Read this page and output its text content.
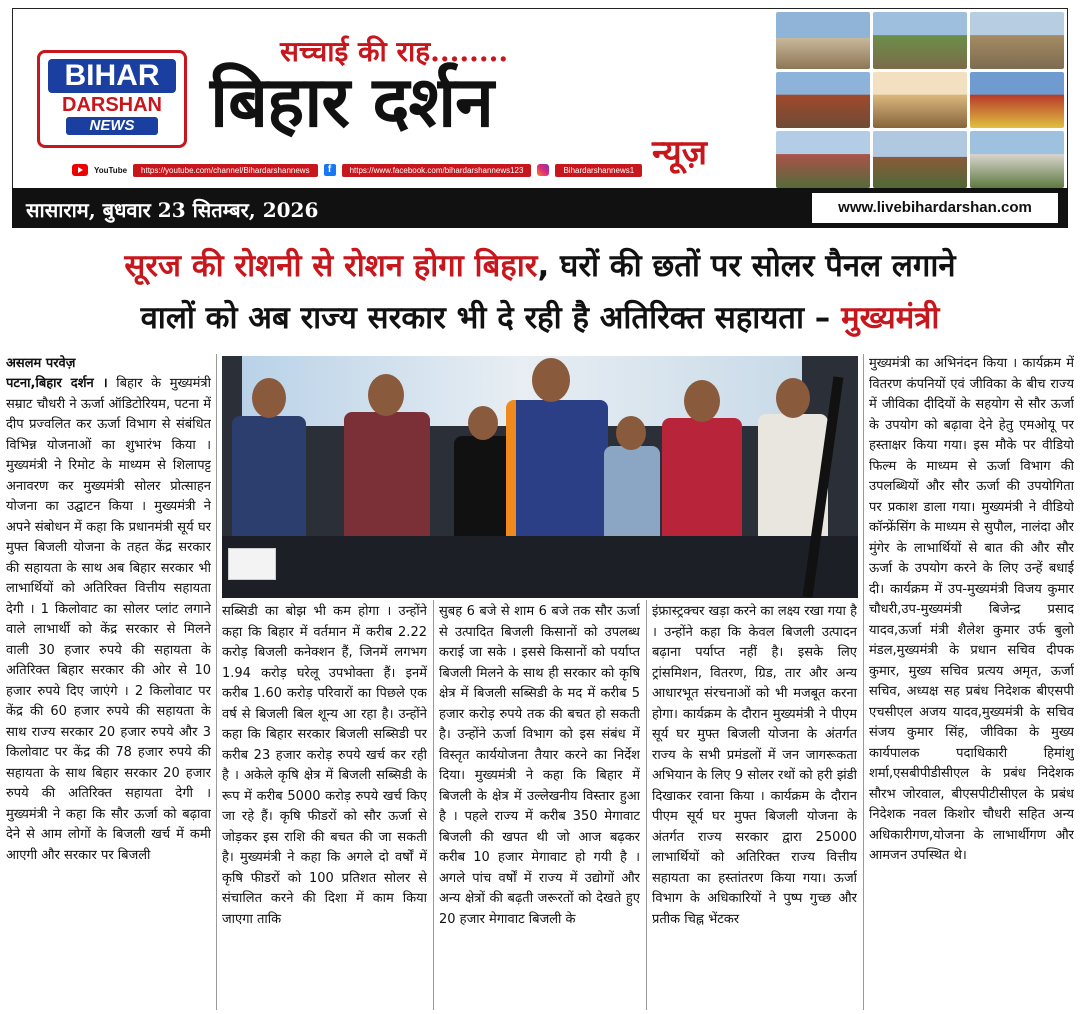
BIHAR
DARSHAN
NEWS
सच्चाई की राह........
बिहार दर्शन
न्यूज़
YouTube	https://youtube.com/channel/Bihardarshannews	f	https://www.facebook.com/bihardarshannews123	Bihardarshannews1
सासाराम, बुधवार 23 सितम्बर, 2026	www.livebihardarshan.com
सूरज की रोशनी से रोशन होगा बिहार, घरों की छतों पर सोलर पैनल लगाने
वालों को अब राज्य सरकार भी दे रही है अतिरिक्त सहायता – मुख्यमंत्री
असलम परवेज़

पटना,बिहार दर्शन । बिहार के मुख्यमंत्री सम्राट चौधरी ने ऊर्जा ऑडिटोरियम, पटना में दीप प्रज्वलित कर ऊर्जा विभाग से संबंधित विभिन्न योजनाओं का शुभारंभ किया । मुख्यमंत्री ने रिमोट के माध्यम से शिलापट्ट अनावरण कर मुख्यमंत्री सोलर प्रोत्साहन योजना का उद्घाटन किया । मुख्यमंत्री ने अपने संबोधन में कहा कि प्रधानमंत्री सूर्य घर मुफ्त बिजली योजना के तहत केंद्र सरकार की सहायता के साथ अब बिहार सरकार भी लाभार्थियों को अतिरिक्त वित्तीय सहायता देगी । 1 किलोवाट का सोलर प्लांट लगाने वाले लाभार्थी को केंद्र सरकार से मिलने वाली 30 हजार रुपये की सहायता के अतिरिक्त बिहार सरकार की ओर से 10 हजार रुपये दिए जाएंगे । 2 किलोवाट पर केंद्र की 60 हजार रुपये की सहायता के साथ राज्य सरकार 20 हजार रुपये और 3 किलोवाट पर केंद्र की 78 हजार रुपये की सहायता के साथ बिहार सरकार 20 हजार रुपये की अतिरिक्त सहायता देगी । मुख्यमंत्री ने कहा कि सौर ऊर्जा को बढ़ावा देने से आम लोगों के बिजली खर्च में कमी आएगी और सरकार पर बिजली

सब्सिडी का बोझ भी कम होगा । उन्होंने कहा कि बिहार में वर्तमान में करीब 2.22 करोड़ बिजली कनेक्शन हैं, जिनमें लगभग 1.94 करोड़ घरेलू उपभोक्ता हैं। इनमें करीब 1.60 करोड़ परिवारों का पिछले एक वर्ष से बिजली बिल शून्य आ रहा है। उन्होंने कहा कि बिहार सरकार बिजली सब्सिडी पर करीब 23 हजार करोड़ रुपये खर्च कर रही है । अकेले कृषि क्षेत्र में बिजली सब्सिडी के रूप में करीब 5000 करोड़ रुपये खर्च किए जा रहे हैं। कृषि फीडरों को सौर ऊर्जा से जोड़कर इस राशि की बचत की जा सकती है। मुख्यमंत्री ने कहा कि अगले दो वर्षों में कृषि फीडरों को 100 प्रतिशत सोलर से संचालित करने की दिशा में काम किया जाएगा ताकि

सुबह 6 बजे से शाम 6 बजे तक सौर ऊर्जा से उत्पादित बिजली किसानों को उपलब्ध कराई जा सके । इससे किसानों को पर्याप्त बिजली मिलने के साथ ही सरकार को कृषि क्षेत्र में बिजली सब्सिडी के मद में करीब 5 हजार करोड़ रुपये तक की बचत हो सकती है। उन्होंने ऊर्जा विभाग को इस संबंध में विस्तृत कार्ययोजना तैयार करने का निर्देश दिया। मुख्यमंत्री ने कहा कि बिहार में बिजली के क्षेत्र में उल्लेखनीय विस्तार हुआ है । पहले राज्य में करीब 350 मेगावाट बिजली की खपत थी जो आज बढ़कर करीब 10 हजार मेगावाट हो गयी है । अगले पांच वर्षों में राज्य में उद्योगों और अन्य क्षेत्रों की बढ़ती जरूरतों को देखते हुए 20 हजार मेगावाट बिजली के

इंफ्रास्ट्रक्चर खड़ा करने का लक्ष्य रखा गया है । उन्होंने कहा कि केवल बिजली उत्पादन बढ़ाना पर्याप्त नहीं है। इसके लिए ट्रांसमिशन, वितरण, ग्रिड, तार और अन्य आधारभूत संरचनाओं को भी मजबूत करना होगा। कार्यक्रम के दौरान मुख्यमंत्री ने पीएम सूर्य घर मुफ्त बिजली योजना के अंतर्गत राज्य के सभी प्रमंडलों में जन जागरूकता अभियान के लिए 9 सोलर रथों को हरी झंडी दिखाकर रवाना किया । कार्यक्रम के दौरान पीएम सूर्य घर मुफ्त बिजली योजना के अंतर्गत राज्य सरकार द्वारा 25000 लाभार्थियों को अतिरिक्त राज्य वित्तीय सहायता का हस्तांतरण किया गया। ऊर्जा विभाग के अधिकारियों ने पुष्प गुच्छ और प्रतीक चिह्न भेंटकर

मुख्यमंत्री का अभिनंदन किया । कार्यक्रम में वितरण कंपनियों एवं जीविका के बीच राज्य में जीविका दीदियों के सहयोग से सौर ऊर्जा के उपयोग को बढ़ावा देने हेतु एमओयू पर हस्ताक्षर किया गया। इस मौके पर वीडियो फिल्म के माध्यम से ऊर्जा विभाग की उपलब्धियों और सौर ऊर्जा की उपयोगिता पर प्रकाश डाला गया। मुख्यमंत्री ने वीडियो कॉन्फ्रेंसिंग के माध्यम से सुपौल, नालंदा और मुंगेर के लाभार्थियों से बात की और सौर ऊर्जा के उपयोग करने के लिए उन्हें बधाई दी। कार्यक्रम में उप-मुख्यमंत्री विजय कुमार चौधरी,उप-मुख्यमंत्री बिजेन्द्र प्रसाद यादव,ऊर्जा मंत्री शैलेश कुमार उर्फ बुलो मंडल,मुख्यमंत्री के प्रधान सचिव दीपक कुमार, मुख्य सचिव प्रत्यय अमृत, ऊर्जा सचिव, अध्यक्ष सह प्रबंध निदेशक बीएसपी एचसीएल अजय यादव,मुख्यमंत्री के सचिव संजय कुमार सिंह, जीविका के मुख्य कार्यपालक पदाधिकारी हिमांशु शर्मा,एसबीपीडीसीएल के प्रबंध निदेशक सौरभ जोरवाल, बीएसपीटीसीएल के प्रबंध निदेशक नवल किशोर चौधरी सहित अन्य अधिकारीगण,योजना के लाभार्थीगण और आमजन उपस्थित थे।
